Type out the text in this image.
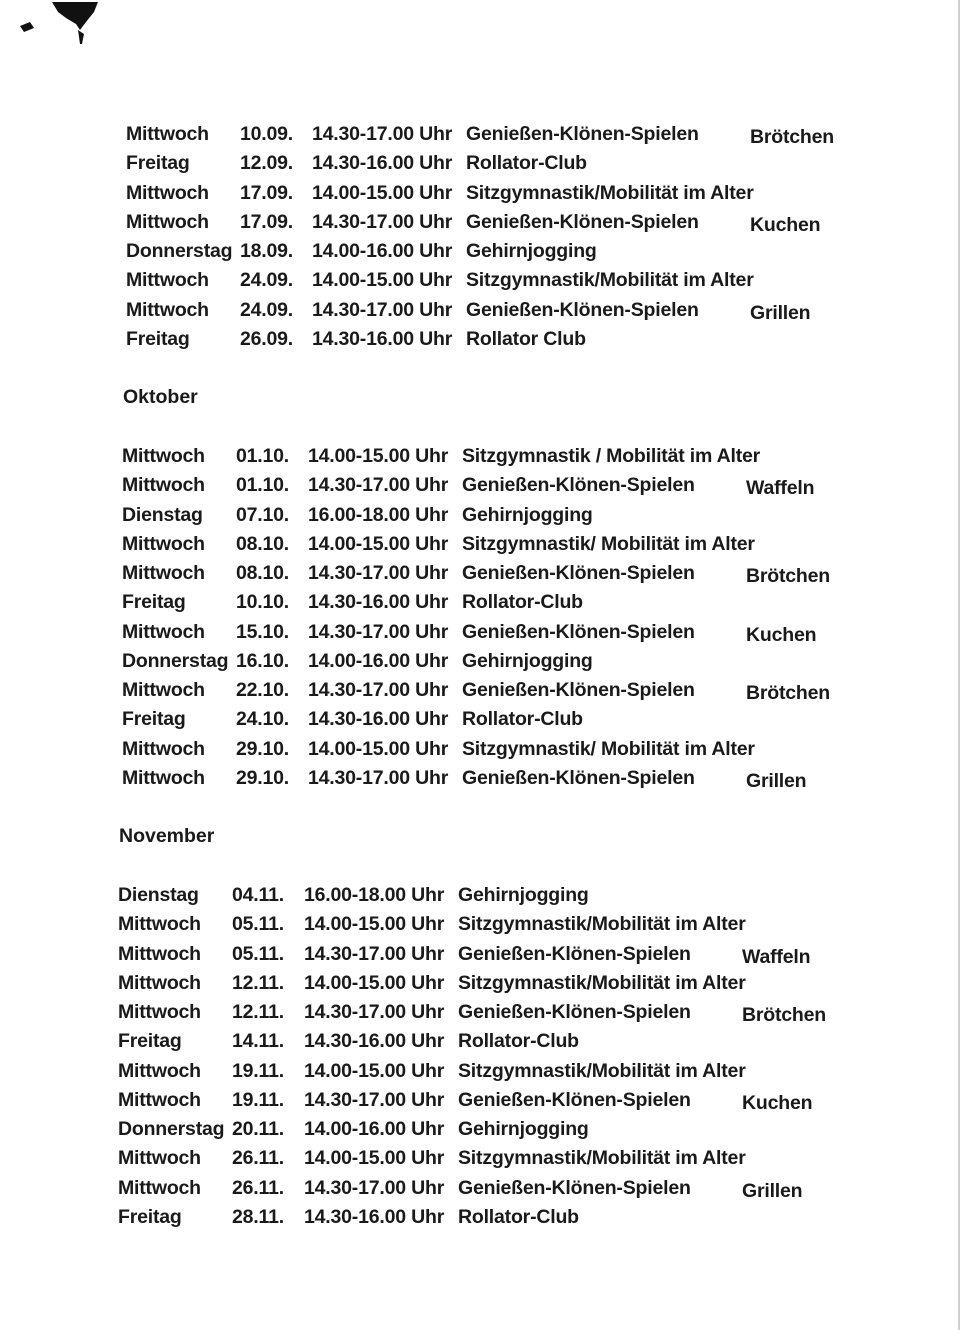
Mittwoch 10.09. 14.30-17.00 Uhr Genießen-Klönen-Spielen	Brötchen
Freitag	12.09. 14.30-16.00 Uhr Rollator-Club
Mittwoch 17.09. 14.00-15.00 Uhr Sitzgymnastik/Mobilität im Alter
Mittwoch 17.09. 14.30-17.00 Uhr Genießen-Klönen-Spielen	Kuchen
Donnerstag 18.09. 14.00-16.00 Uhr Gehirnjogging
Mittwoch 24.09. 14.00-15.00 Uhr Sitzgymnastik/Mobilität im Alter
Mittwoch 24.09. 14.30-17.00 Uhr Genießen-Klönen-Spielen	Grillen
Freitag	26.09. 14.30-16.00 Uhr Rollator Club
Oktober
Mittwoch 01.10. 14.00-15.00 Uhr Sitzgymnastik / Mobilität im Alter
Mittwoch 01.10. 14.30-17.00 Uhr Genießen-Klönen-Spielen	Waffeln
Dienstag 07.10. 16.00-18.00 Uhr Gehirnjogging
Mittwoch 08.10. 14.00-15.00 Uhr Sitzgymnastik/ Mobilität im Alter
Mittwoch 08.10. 14.30-17.00 Uhr Genießen-Klönen-Spielen	Brötchen
Freitag	10.10. 14.30-16.00 Uhr Rollator-Club
Mittwoch 15.10. 14.30-17.00 Uhr Genießen-Klönen-Spielen	Kuchen
Donnerstag 16.10. 14.00-16.00 Uhr Gehirnjogging
Mittwoch 22.10. 14.30-17.00 Uhr Genießen-Klönen-Spielen	Brötchen
Freitag	24.10. 14.30-16.00 Uhr Rollator-Club
Mittwoch 29.10. 14.00-15.00 Uhr Sitzgymnastik/ Mobilität im Alter
Mittwoch 29.10. 14.30-17.00 Uhr Genießen-Klönen-Spielen	Grillen
November
Dienstag 04.11. 16.00-18.00 Uhr Gehirnjogging
Mittwoch 05.11. 14.00-15.00 Uhr Sitzgymnastik/Mobilität im Alter
Mittwoch 05.11. 14.30-17.00 Uhr Genießen-Klönen-Spielen	Waffeln
Mittwoch 12.11. 14.00-15.00 Uhr Sitzgymnastik/Mobilität im Alter
Mittwoch 12.11. 14.30-17.00 Uhr Genießen-Klönen-Spielen	Brötchen
Freitag	14.11. 14.30-16.00 Uhr Rollator-Club
Mittwoch 19.11. 14.00-15.00 Uhr Sitzgymnastik/Mobilität im Alter
Mittwoch 19.11. 14.30-17.00 Uhr Genießen-Klönen-Spielen	Kuchen
Donnerstag 20.11. 14.00-16.00 Uhr Gehirnjogging
Mittwoch 26.11. 14.00-15.00 Uhr Sitzgymnastik/Mobilität im Alter
Mittwoch 26.11. 14.30-17.00 Uhr Genießen-Klönen-Spielen	Grillen
Freitag	28.11. 14.30-16.00 Uhr Rollator-Club
